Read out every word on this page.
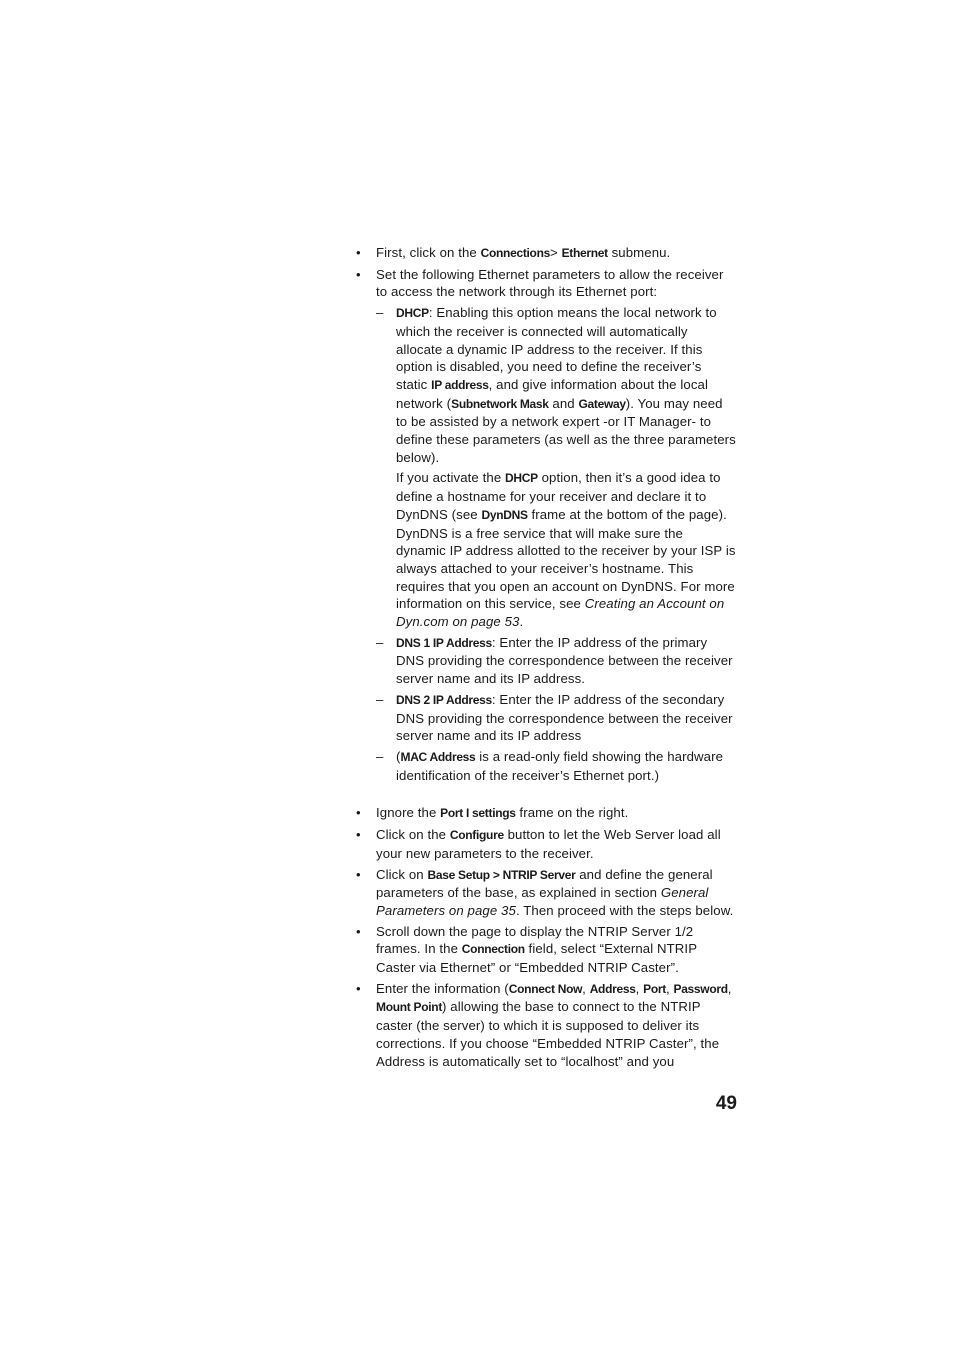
• First, click on the Connections> Ethernet submenu.
• Set the following Ethernet parameters to allow the receiver to access the network through its Ethernet port:
– DHCP: Enabling this option means the local network to which the receiver is connected will automatically allocate a dynamic IP address to the receiver. If this option is disabled, you need to define the receiver’s static IP address, and give information about the local network (Subnetwork Mask and Gateway). You may need to be assisted by a network expert -or IT Manager- to define these parameters (as well as the three parameters below).
If you activate the DHCP option, then it’s a good idea to define a hostname for your receiver and declare it to DynDNS (see DynDNS frame at the bottom of the page). DynDNS is a free service that will make sure the dynamic IP address allotted to the receiver by your ISP is always attached to your receiver’s hostname. This requires that you open an account on DynDNS. For more information on this service, see Creating an Account on Dyn.com on page 53.
– DNS 1 IP Address: Enter the IP address of the primary DNS providing the correspondence between the receiver server name and its IP address.
– DNS 2 IP Address: Enter the IP address of the secondary DNS providing the correspondence between the receiver server name and its IP address
– (MAC Address is a read-only field showing the hardware identification of the receiver’s Ethernet port.)
• Ignore the Port I settings frame on the right.
• Click on the Configure button to let the Web Server load all your new parameters to the receiver.
• Click on Base Setup > NTRIP Server and define the general parameters of the base, as explained in section General Parameters on page 35. Then proceed with the steps below.
• Scroll down the page to display the NTRIP Server 1/2 frames. In the Connection field, select “External NTRIP Caster via Ethernet” or “Embedded NTRIP Caster”.
• Enter the information (Connect Now, Address, Port, Password, Mount Point) allowing the base to connect to the NTRIP caster (the server) to which it is supposed to deliver its corrections. If you choose “Embedded NTRIP Caster”, the Address is automatically set to “localhost” and you
49
